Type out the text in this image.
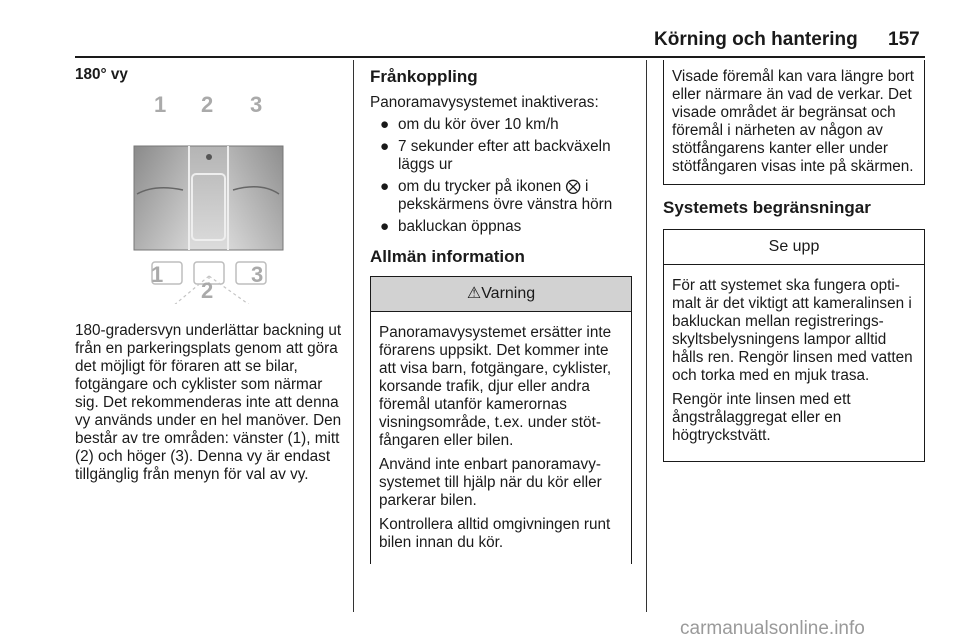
Körning och hantering 157
180° vy
1 2 3
1
2
3

180-gradersvyn underlättar backning ut från en parkeringsplats genom att göra det möjligt för föraren att se bilar, fotgängare och cyklister som närmar sig. Det rekommenderas inte att denna vy används under en hel manöver. Den består av tre områden: vänster (1), mitt (2) och höger (3). Denna vy är endast tillgänglig från menyn för val av vy.

Frånkoppling

Panoramavysystemet inaktiveras:

● om du kör över 10 km/h
● 7 sekunder efter att backväxeln läggs ur
● om du trycker på ikonen ⨂ i pekskärmens övre vänstra hörn
● bakluckan öppnas
Allmän information
⚠Varning

Panoramavysystemet ersätter inte förarens uppsikt. Det kommer inte att visa barn, fotgängare, cyklister, korsande trafik, djur eller andra föremål utanför kamerornas visningsområde, t.ex. under stötfångaren eller bilen.

Använd inte enbart panoramavysystemet till hjälp när du kör eller parkerar bilen.

Kontrollera alltid omgivningen runt bilen innan du kör.

Visade föremål kan vara längre bort eller närmare än vad de verkar. Det visade området är begränsat och föremål i närheten av någon av stötfångarens kanter eller under stötfångaren visas inte på skärmen.

Systemets begränsningar
Se upp

För att systemet ska fungera optimalt är det viktigt att kameralinsen i bakluckan mellan registreringsskyltsbelysningens lampor alltid hålls ren. Rengör linsen med vatten och torka med en mjuk trasa.

Rengör inte linsen med ett ångstrålaggregat eller en högtryckstvätt.

carmanualsonline.info
